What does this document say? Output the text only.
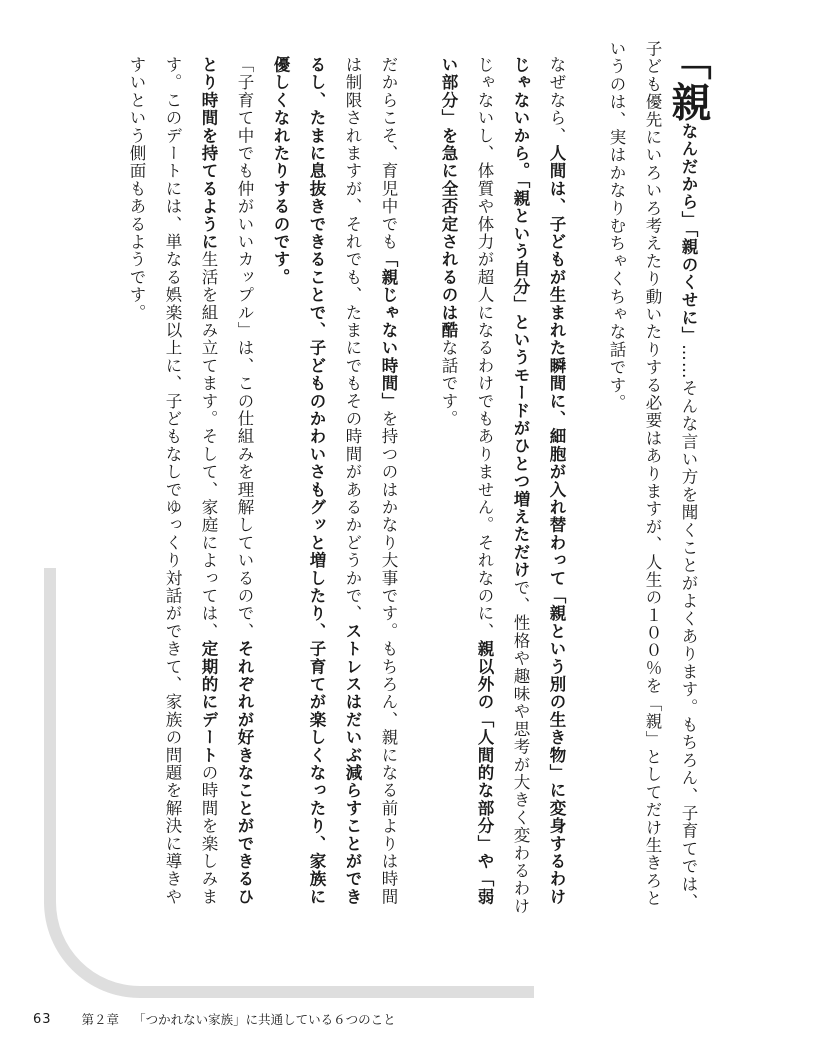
「親なんだから」「親のくせに」……そんな言い方を聞くことがよくあります。もちろん、子育てでは、子ども優先にいろいろ考えたり動いたりする必要はありますが、人生の１００％を「親」としてだけ生きろというのは、実はかなりむちゃくちゃな話です。

なぜなら、人間は、子どもが生まれた瞬間に、細胞が入れ替わって「親という別の生き物」に変身するわけじゃないから。「親という自分」というモードがひとつ増えただけで、性格や趣味や思考が大きく変わるわけじゃないし、体質や体力が超人になるわけでもありません。それなのに、親以外の「人間的な部分」や「弱い部分」を急に全否定されるのは酷な話です。

だからこそ、育児中でも「親じゃない時間」を持つのはかなり大事です。もちろん、親になる前よりは時間は制限されますが、それでも、たまにでもその時間があるかどうかで、ストレスはだいぶ減らすことができるし、たまに息抜きできることで、子どものかわいさもグッと増したり、子育てが楽しくなったり、家族に優しくなれたりするのです。

「子育て中でも仲がいいカップル」は、この仕組みを理解しているので、それぞれが好きなことができるひとり時間を持てるように生活を組み立てます。そして、家庭によっては、定期的にデートの時間を楽しみます。このデートには、単なる娯楽以上に、子どもなしでゆっくり対話ができて、家族の問題を解決に導きやすいという側面もあるようです。

63 第２章 「つかれない家族」に共通している６つのこと
